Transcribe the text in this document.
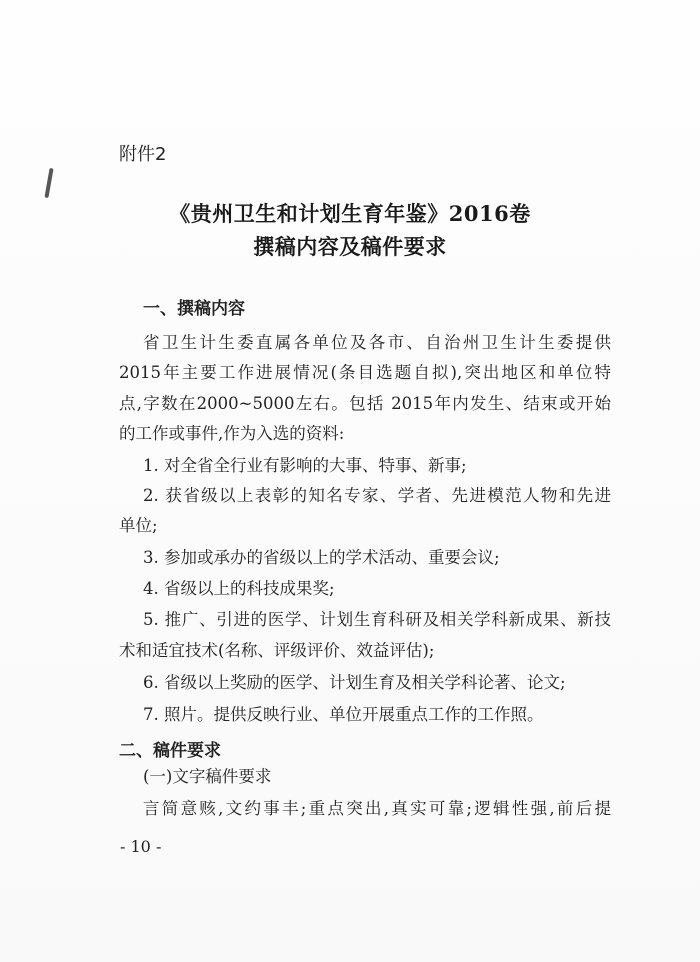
附件2
《贵州卫生和计划生育年鉴》2016卷
撰稿内容及稿件要求
一、撰稿内容
省卫生计生委直属各单位及各市、自治州卫生计生委提供
2015年主要工作进展情况(条目选题自拟),突出地区和单位特
点,字数在2000~5000左右。包括 2015年内发生、结束或开始
的工作或事件,作为入选的资料:
1. 对全省全行业有影响的大事、特事、新事;
2. 获省级以上表彰的知名专家、学者、先进模范人物和先进
单位;
3. 参加或承办的省级以上的学术活动、重要会议;
4. 省级以上的科技成果奖;
5. 推广、引进的医学、计划生育科研及相关学科新成果、新技
术和适宜技术(名称、评级评价、效益评估);
6. 省级以上奖励的医学、计划生育及相关学科论著、论文;
7. 照片。提供反映行业、单位开展重点工作的工作照。
二、稿件要求
(一)文字稿件要求
言简意赅,文约事丰;重点突出,真实可靠;逻辑性强,前后提
- 10 -
